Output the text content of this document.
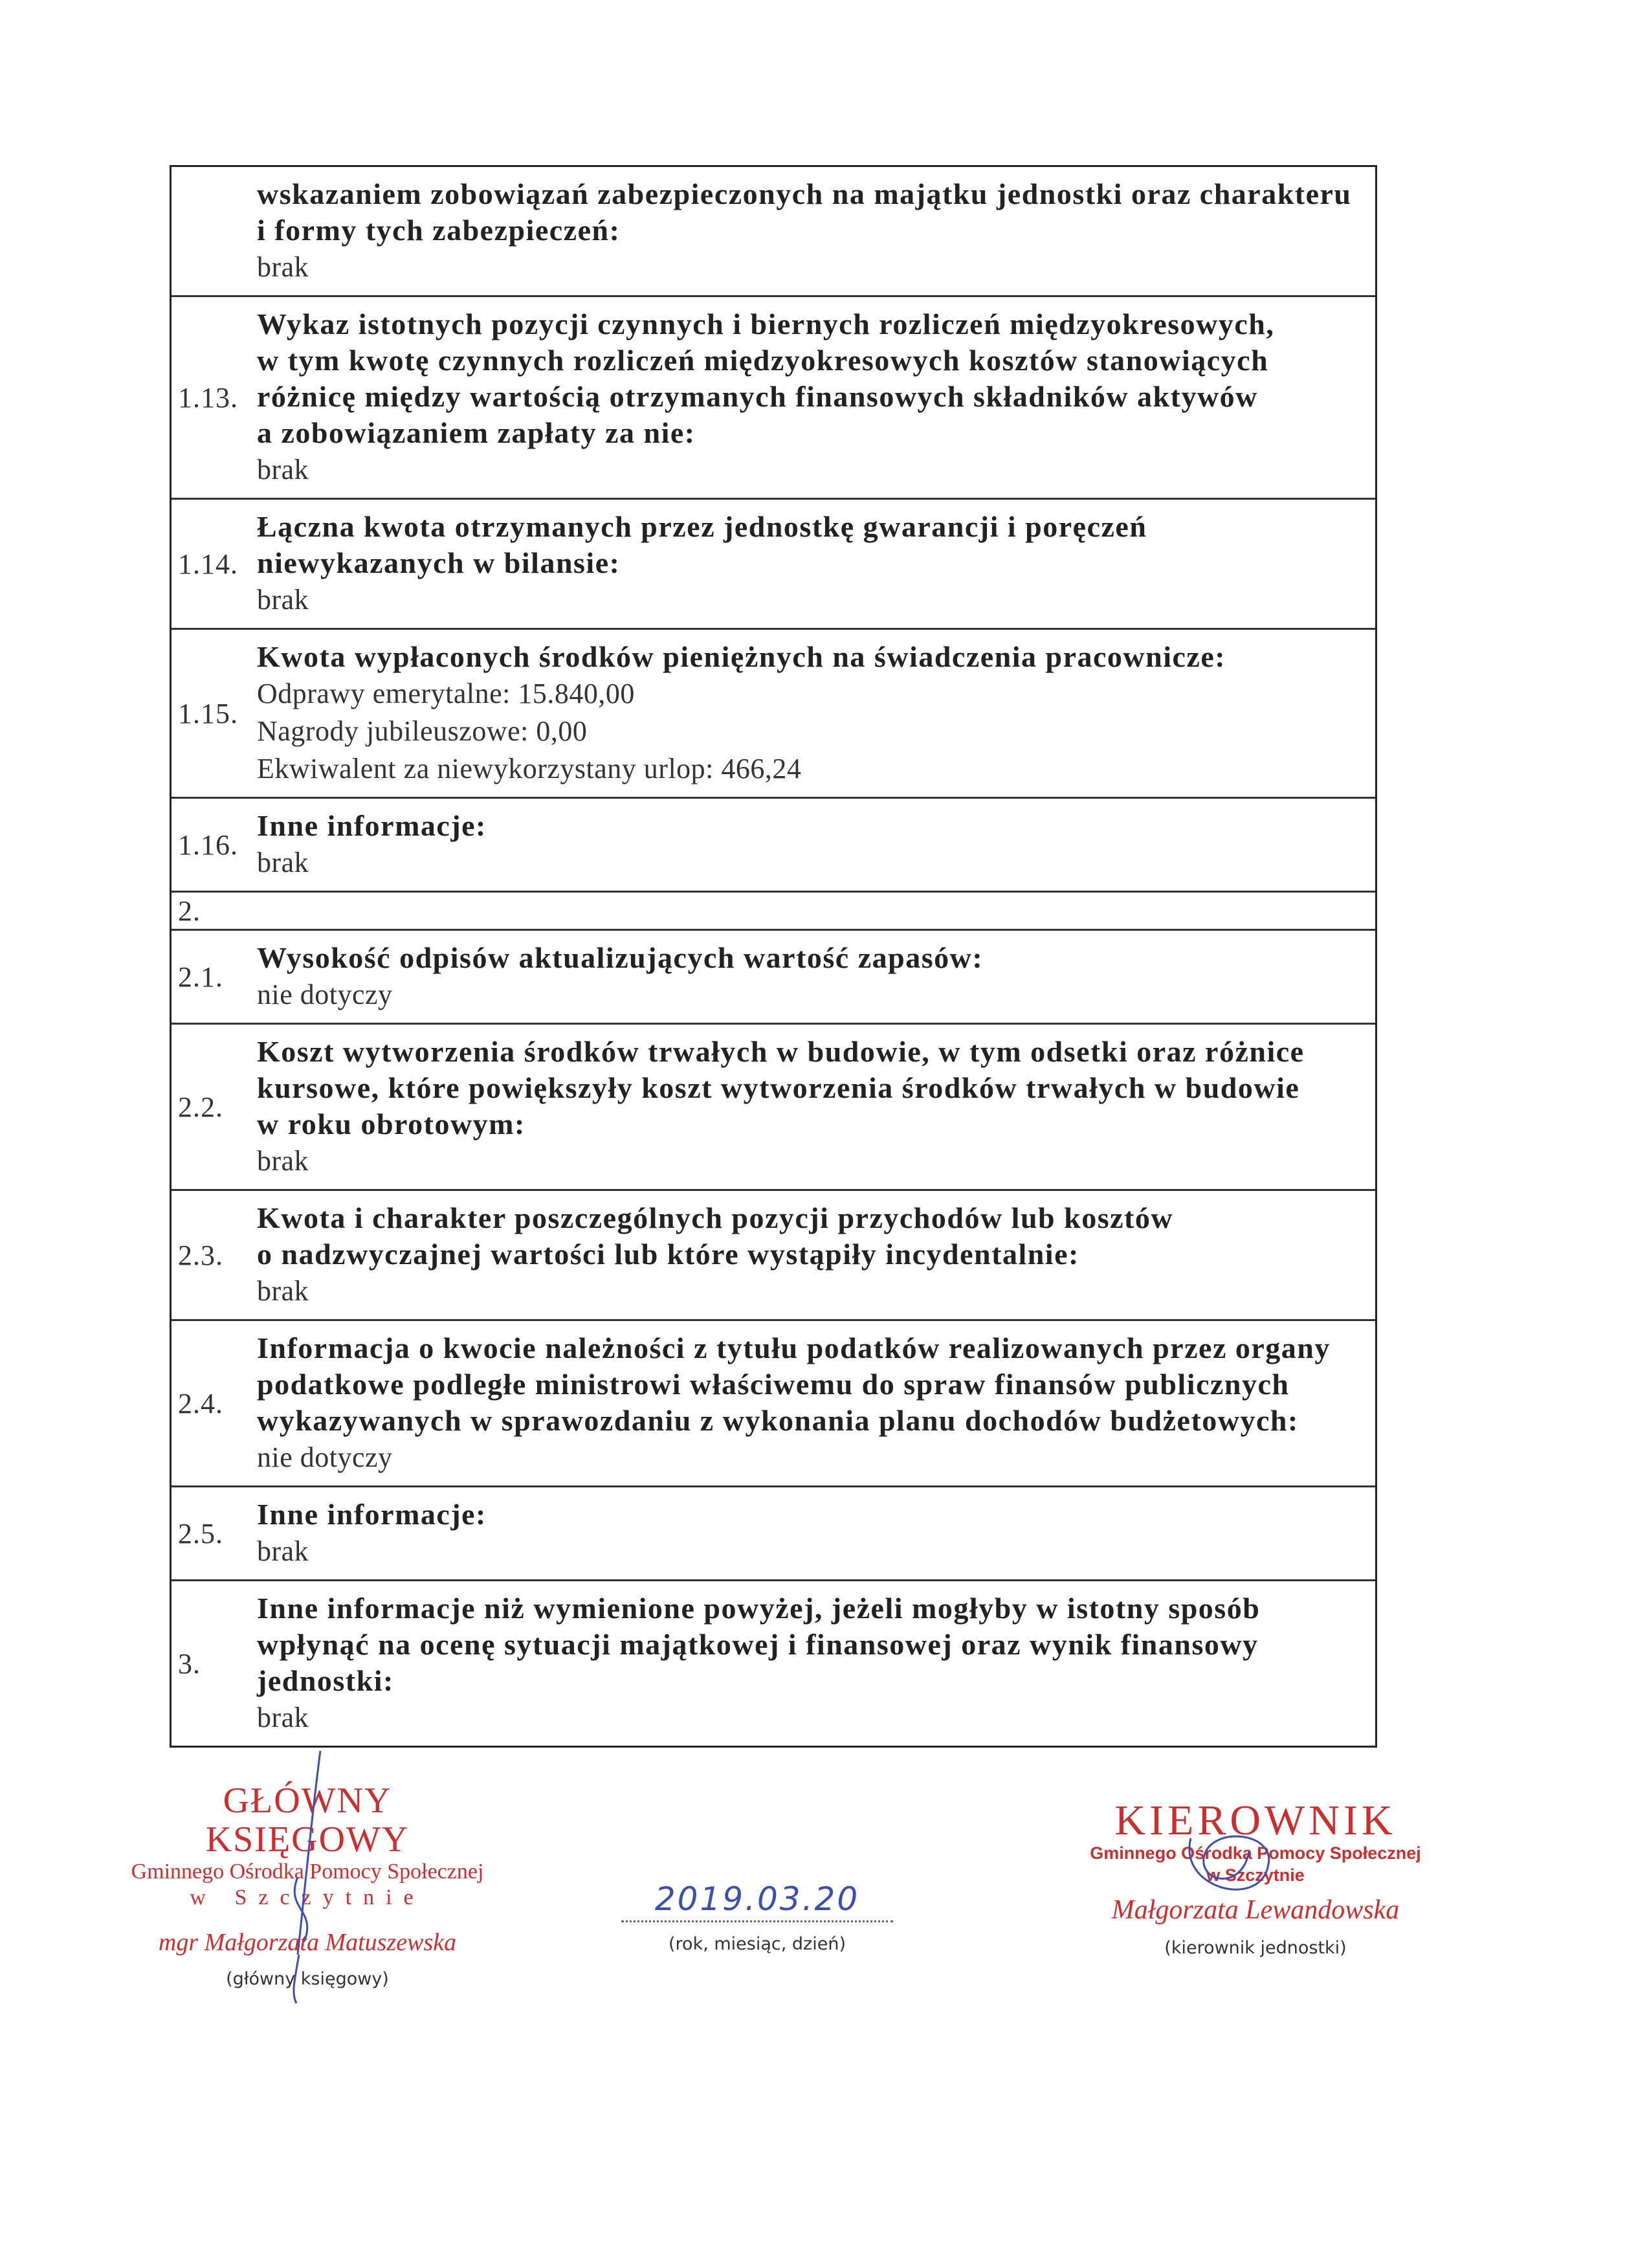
wskazaniem zobowiązań zabezpieczonych na majątku jednostki oraz charakteru
i formy tych zabezpieczeń:
brak
1.13.
Wykaz istotnych pozycji czynnych i biernych rozliczeń międzyokresowych,
w tym kwotę czynnych rozliczeń międzyokresowych kosztów stanowiących
różnicę między wartością otrzymanych finansowych składników aktywów
a zobowiązaniem zapłaty za nie:
brak
1.14.
Łączna kwota otrzymanych przez jednostkę gwarancji i poręczeń
niewykazanych w bilansie:
brak
1.15.
Kwota wypłaconych środków pieniężnych na świadczenia pracownicze:
Odprawy emerytalne: 15.840,00
Nagrody jubileuszowe: 0,00
Ekwiwalent za niewykorzystany urlop: 466,24
1.16.
Inne informacje:
brak
2.
2.1.
Wysokość odpisów aktualizujących wartość zapasów:
nie dotyczy
2.2.
Koszt wytworzenia środków trwałych w budowie, w tym odsetki oraz różnice
kursowe, które powiększyły koszt wytworzenia środków trwałych w budowie
w roku obrotowym:
brak
2.3.
Kwota i charakter poszczególnych pozycji przychodów lub kosztów
o nadzwyczajnej wartości lub które wystąpiły incydentalnie:
brak
2.4.
Informacja o kwocie należności z tytułu podatków realizowanych przez organy
podatkowe podległe ministrowi właściwemu do spraw finansów publicznych
wykazywanych w sprawozdaniu z wykonania planu dochodów budżetowych:
nie dotyczy
2.5.
Inne informacje:
brak
3.
Inne informacje niż wymienione powyżej, jeżeli mogłyby w istotny sposób
wpłynąć na ocenę sytuacji majątkowej i finansowej oraz wynik finansowy
jednostki:
brak
GŁÓWNY KSIĘGOWY
Gminnego Ośrodka Pomocy Społecznej
w Szczytnie
mgr Małgorzata Matuszewska
(główny księgowy)
2019.03.20
(rok, miesiąc, dzień)
KIEROWNIK
Gminnego Ośrodka Pomocy Społecznej
w Szczytnie
Małgorzata Lewandowska
(kierownik jednostki)
